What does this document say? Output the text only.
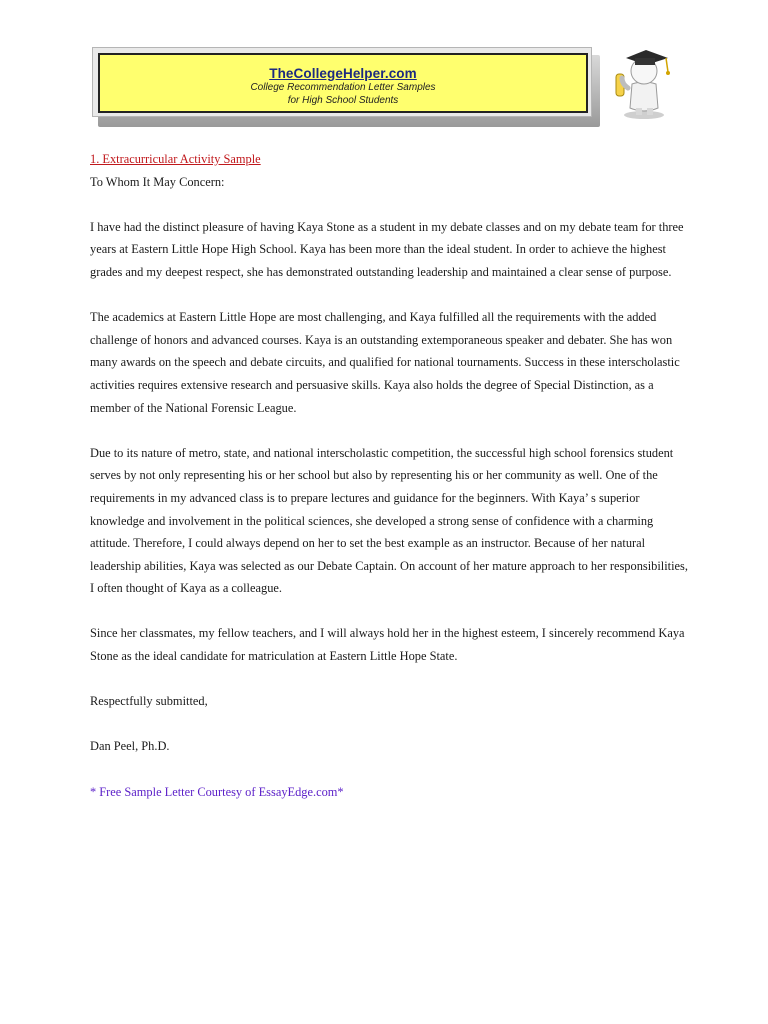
TheCollegeHelper.com
College Recommendation Letter Samples
for High School Students

1. Extracurricular Activity Sample

To Whom It May Concern:

I have had the distinct pleasure of having Kaya Stone as a student in my debate classes and on my debate team for three years at Eastern Little Hope High School. Kaya has been more than the ideal student. In order to achieve the highest grades and my deepest respect, she has demonstrated outstanding leadership and maintained a clear sense of purpose.

The academics at Eastern Little Hope are most challenging, and Kaya fulfilled all the requirements with the added challenge of honors and advanced courses. Kaya is an outstanding extemporaneous speaker and debater. She has won many awards on the speech and debate circuits, and qualified for national tournaments. Success in these interscholastic activities requires extensive research and persuasive skills. Kaya also holds the degree of Special Distinction, as a member of the National Forensic League.

Due to its nature of metro, state, and national interscholastic competition, the successful high school forensics student serves by not only representing his or her school but also by representing his or her community as well. One of the requirements in my advanced class is to prepare lectures and guidance for the beginners. With Kaya’ s superior knowledge and involvement in the political sciences, she developed a strong sense of confidence with a charming attitude. Therefore, I could always depend on her to set the best example as an instructor. Because of her natural leadership abilities, Kaya was selected as our Debate Captain. On account of her mature approach to her responsibilities, I often thought of Kaya as a colleague.

Since her classmates, my fellow teachers, and I will always hold her in the highest esteem, I sincerely recommend Kaya Stone as the ideal candidate for matriculation at Eastern Little Hope State.

Respectfully submitted,

Dan Peel, Ph.D.

* Free Sample Letter Courtesy of EssayEdge.com*
